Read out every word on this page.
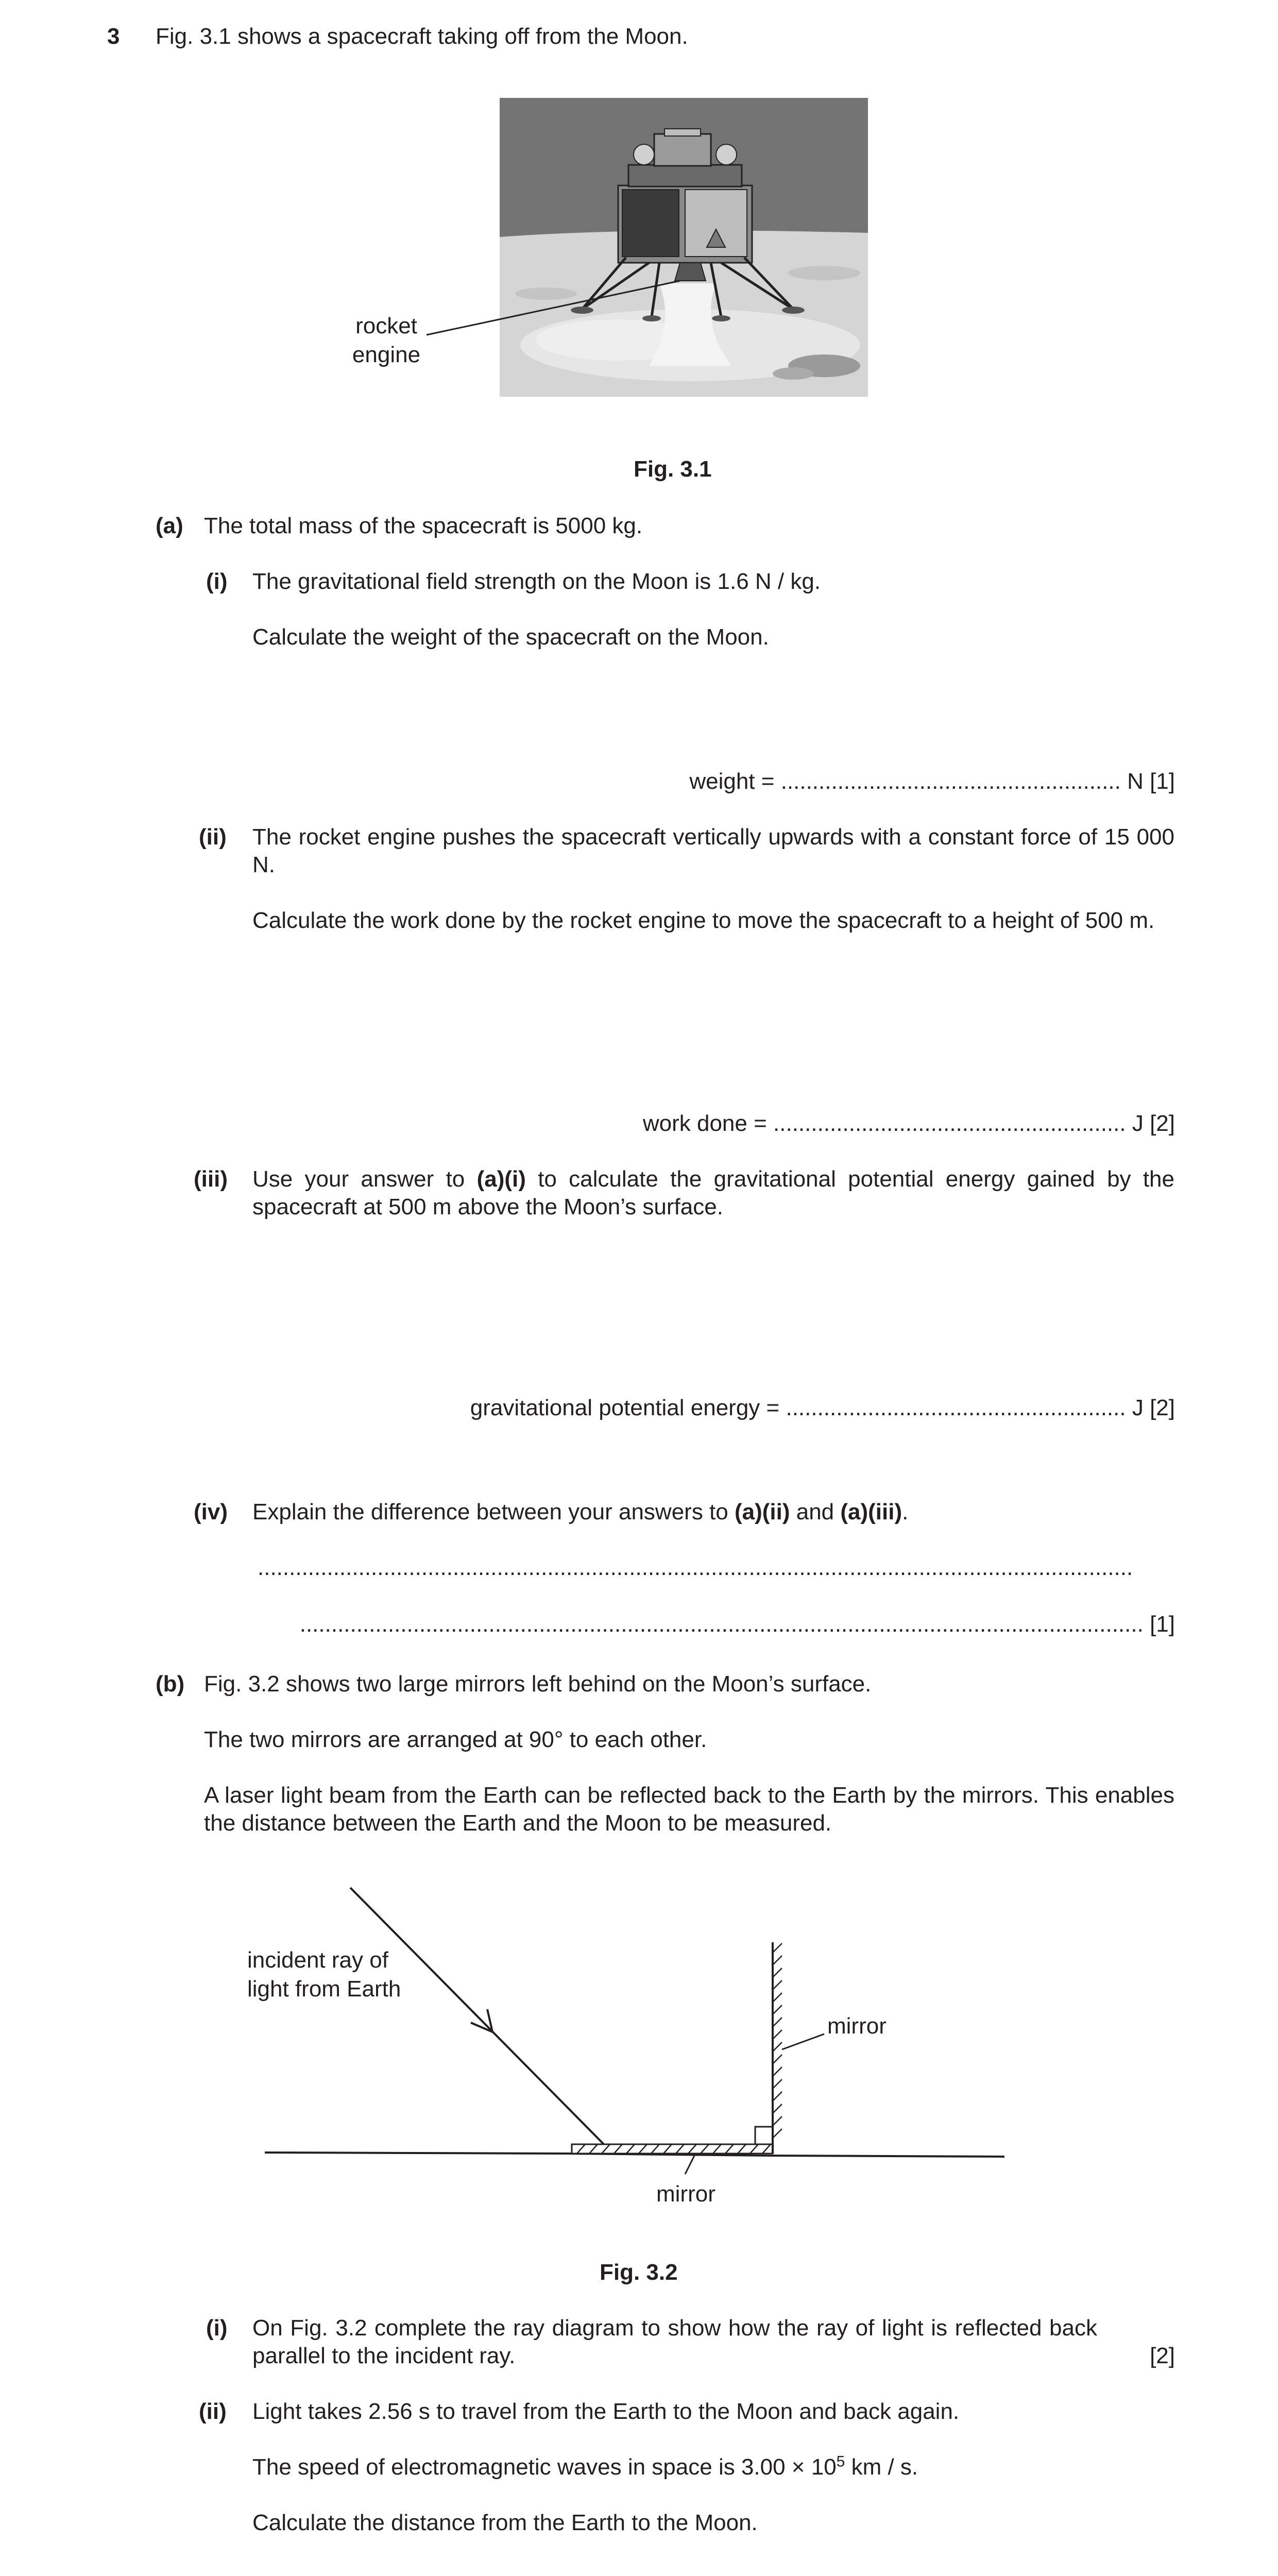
3 Fig. 3.1 shows a spacecraft taking off from the Moon.
rocket
engine
Fig. 3.1
(a) The total mass of the spacecraft is 5000 kg.
(i) The gravitational field strength on the Moon is 1.6 N / kg.
Calculate the weight of the spacecraft on the Moon.
weight = ...................................................... N [1]
(ii) The rocket engine pushes the spacecraft vertically upwards with a constant force of 15 000 N.
Calculate the work done by the rocket engine to move the spacecraft to a height of 500 m.
work done = ........................................................ J [2]
(iii) Use your answer to (a)(i) to calculate the gravitational potential energy gained by the spacecraft at 500 m above the Moon’s surface.
gravitational potential energy = ...................................................... J [2]
(iv) Explain the difference between your answers to (a)(ii) and (a)(iii).
...........................................................................................................................................
...................................................................................................................................... [1]
(b) Fig. 3.2 shows two large mirrors left behind on the Moon’s surface.
The two mirrors are arranged at 90° to each other.
A laser light beam from the Earth can be reflected back to the Earth by the mirrors. This enables the distance between the Earth and the Moon to be measured.
incident ray of
light from Earth
mirror
mirror
Fig. 3.2
(i) On Fig. 3.2 complete the ray diagram to show how the ray of light is reflected back parallel to the incident ray.	[2]
(ii) Light takes 2.56 s to travel from the Earth to the Moon and back again.
The speed of electromagnetic waves in space is $3.00 \times 10^5$ km / s.
Calculate the distance from the Earth to the Moon.
